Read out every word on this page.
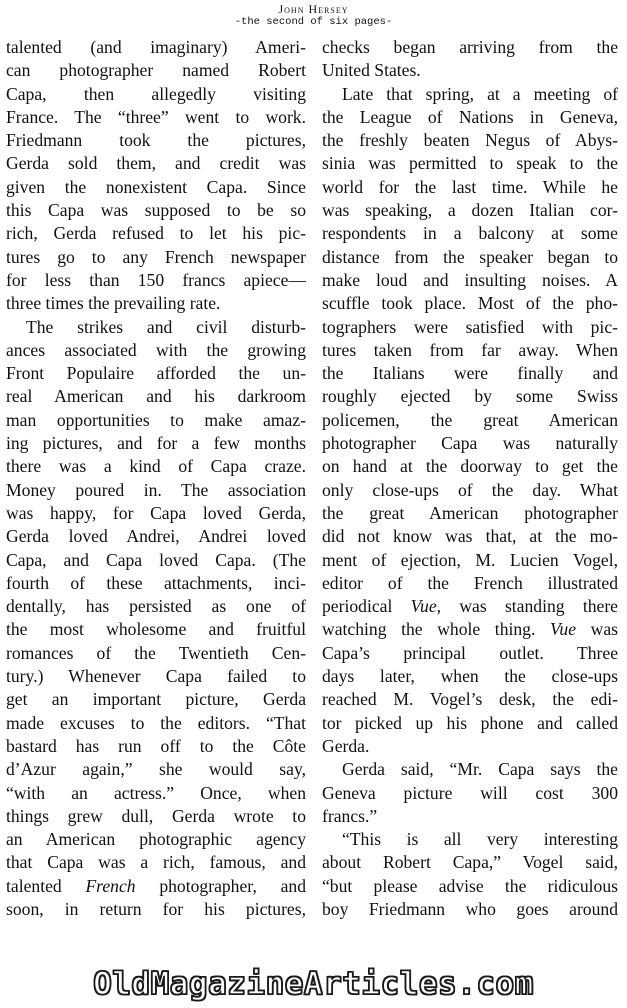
John Hersey
-the second of six pages-
talented (and imaginary) Ameri-
can photographer named Robert
Capa, then allegedly visiting
France. The “three” went to work.
Friedmann took the pictures,
Gerda sold them, and credit was
given the nonexistent Capa. Since
this Capa was supposed to be so
rich, Gerda refused to let his pic-
tures go to any French newspaper
for less than 150 francs apiece—
three times the prevailing rate.
The strikes and civil disturb-
ances associated with the growing
Front Populaire afforded the un-
real American and his darkroom
man opportunities to make amaz-
ing pictures, and for a few months
there was a kind of Capa craze.
Money poured in. The association
was happy, for Capa loved Gerda,
Gerda loved Andrei, Andrei loved
Capa, and Capa loved Capa. (The
fourth of these attachments, inci-
dentally, has persisted as one of
the most wholesome and fruitful
romances of the Twentieth Cen-
tury.) Whenever Capa failed to
get an important picture, Gerda
made excuses to the editors. “That
bastard has run off to the Côte
d’Azur again,” she would say,
“with an actress.” Once, when
things grew dull, Gerda wrote to
an American photographic agency
that Capa was a rich, famous, and
talented French photographer, and
soon, in return for his pictures,
checks began arriving from the
United States.
Late that spring, at a meeting of
the League of Nations in Geneva,
the freshly beaten Negus of Abys-
sinia was permitted to speak to the
world for the last time. While he
was speaking, a dozen Italian cor-
respondents in a balcony at some
distance from the speaker began to
make loud and insulting noises. A
scuffle took place. Most of the pho-
tographers were satisfied with pic-
tures taken from far away. When
the Italians were finally and
roughly ejected by some Swiss
policemen, the great American
photographer Capa was naturally
on hand at the doorway to get the
only close-ups of the day. What
the great American photographer
did not know was that, at the mo-
ment of ejection, M. Lucien Vogel,
editor of the French illustrated
periodical Vue, was standing there
watching the whole thing. Vue was
Capa’s principal outlet. Three
days later, when the close-ups
reached M. Vogel’s desk, the edi-
tor picked up his phone and called
Gerda.
Gerda said, “Mr. Capa says the
Geneva picture will cost 300
francs.”
“This is all very interesting
about Robert Capa,” Vogel said,
“but please advise the ridiculous
boy Friedmann who goes around
OldMagazineArticles.com
